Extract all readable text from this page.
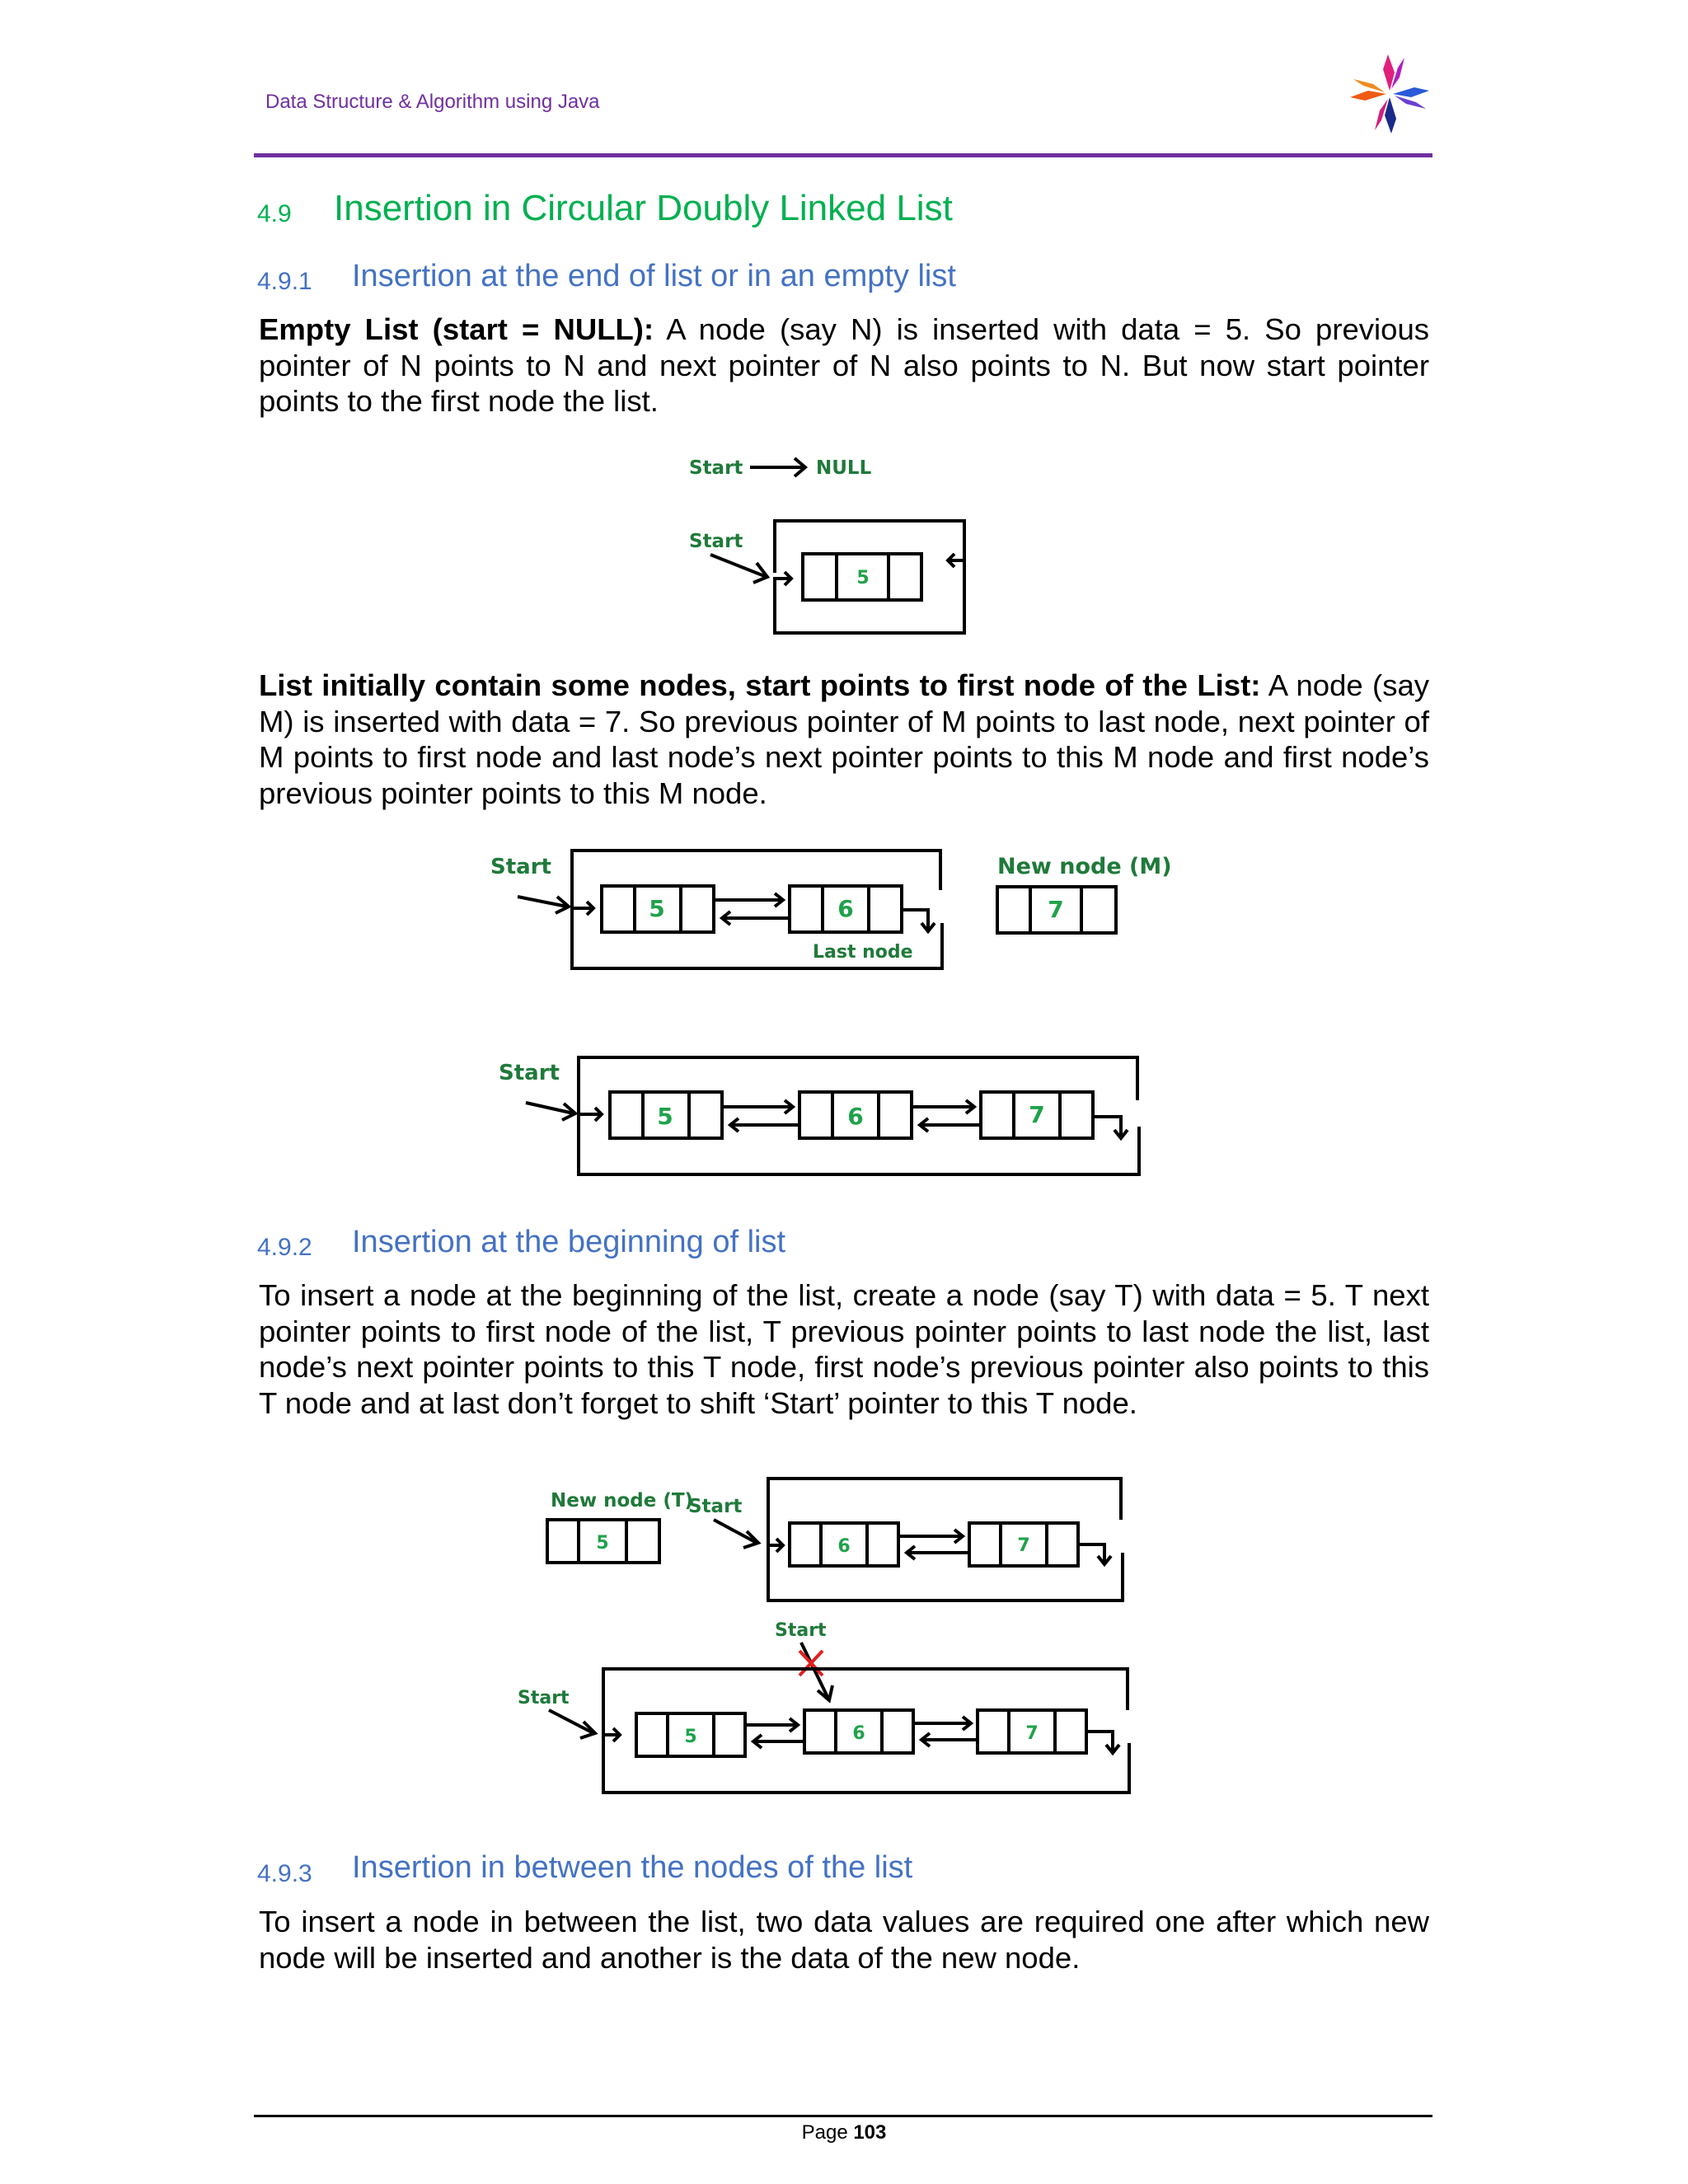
Data Structure & Algorithm using Java
4.9 Insertion in Circular Doubly Linked List
4.9.1 Insertion at the end of list or in an empty list
Empty List (start = NULL): A node (say N) is inserted with data = 5. So previous pointer of N points to N and next pointer of N also points to N. But now start pointer points to the first node the list.
Start	NULL
Start
5
List initially contain some nodes, start points to first node of the List: A node (say M) is inserted with data = 7. So previous pointer of M points to last node, next pointer of M points to first node and last node’s next pointer points to this M node and first node’s previous pointer points to this M node.
Start
5	6
Last node
New node (M)
7
Start
5	6	7
4.9.2 Insertion at the beginning of list
To insert a node at the beginning of the list, create a node (say T) with data = 5. T next pointer points to first node of the list, T previous pointer points to last node the list, last node’s next pointer points to this T node, first node’s previous pointer also points to this T node and at last don’t forget to shift ‘Start’ pointer to this T node.
New node (T)
5
Start
6	7
Start
Start
5	6	7
4.9.3 Insertion in between the nodes of the list
To insert a node in between the list, two data values are required one after which new node will be inserted and another is the data of the new node.
Page 103
